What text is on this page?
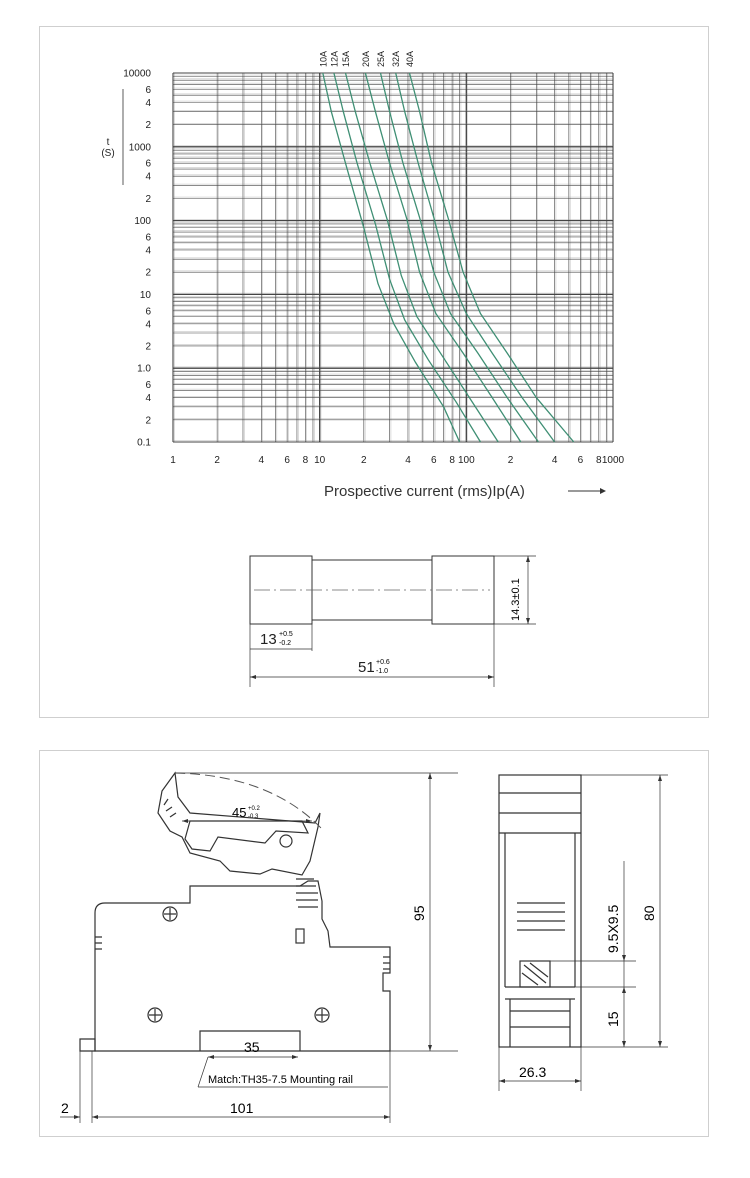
10000
6
4
2
1000
6
4
2
100
6
4
2
10
6
4
2
1.0
6
4
2
0.1
1	2	4 6 8 10	2	4 6 8 100	2	4 6 8 1000
10A 12A 15A 20A 25A 32A 40A
t
(S)
Prospective current (rms)Ip(A)
13 +0.5
-0.2
51 +0.6
-1.0
14.3±0.1
95
45 +0.2
-0.3
35
Match:TH35-7.5 Mounting rail
2	101
80
9.5X9.5
15
26.3
